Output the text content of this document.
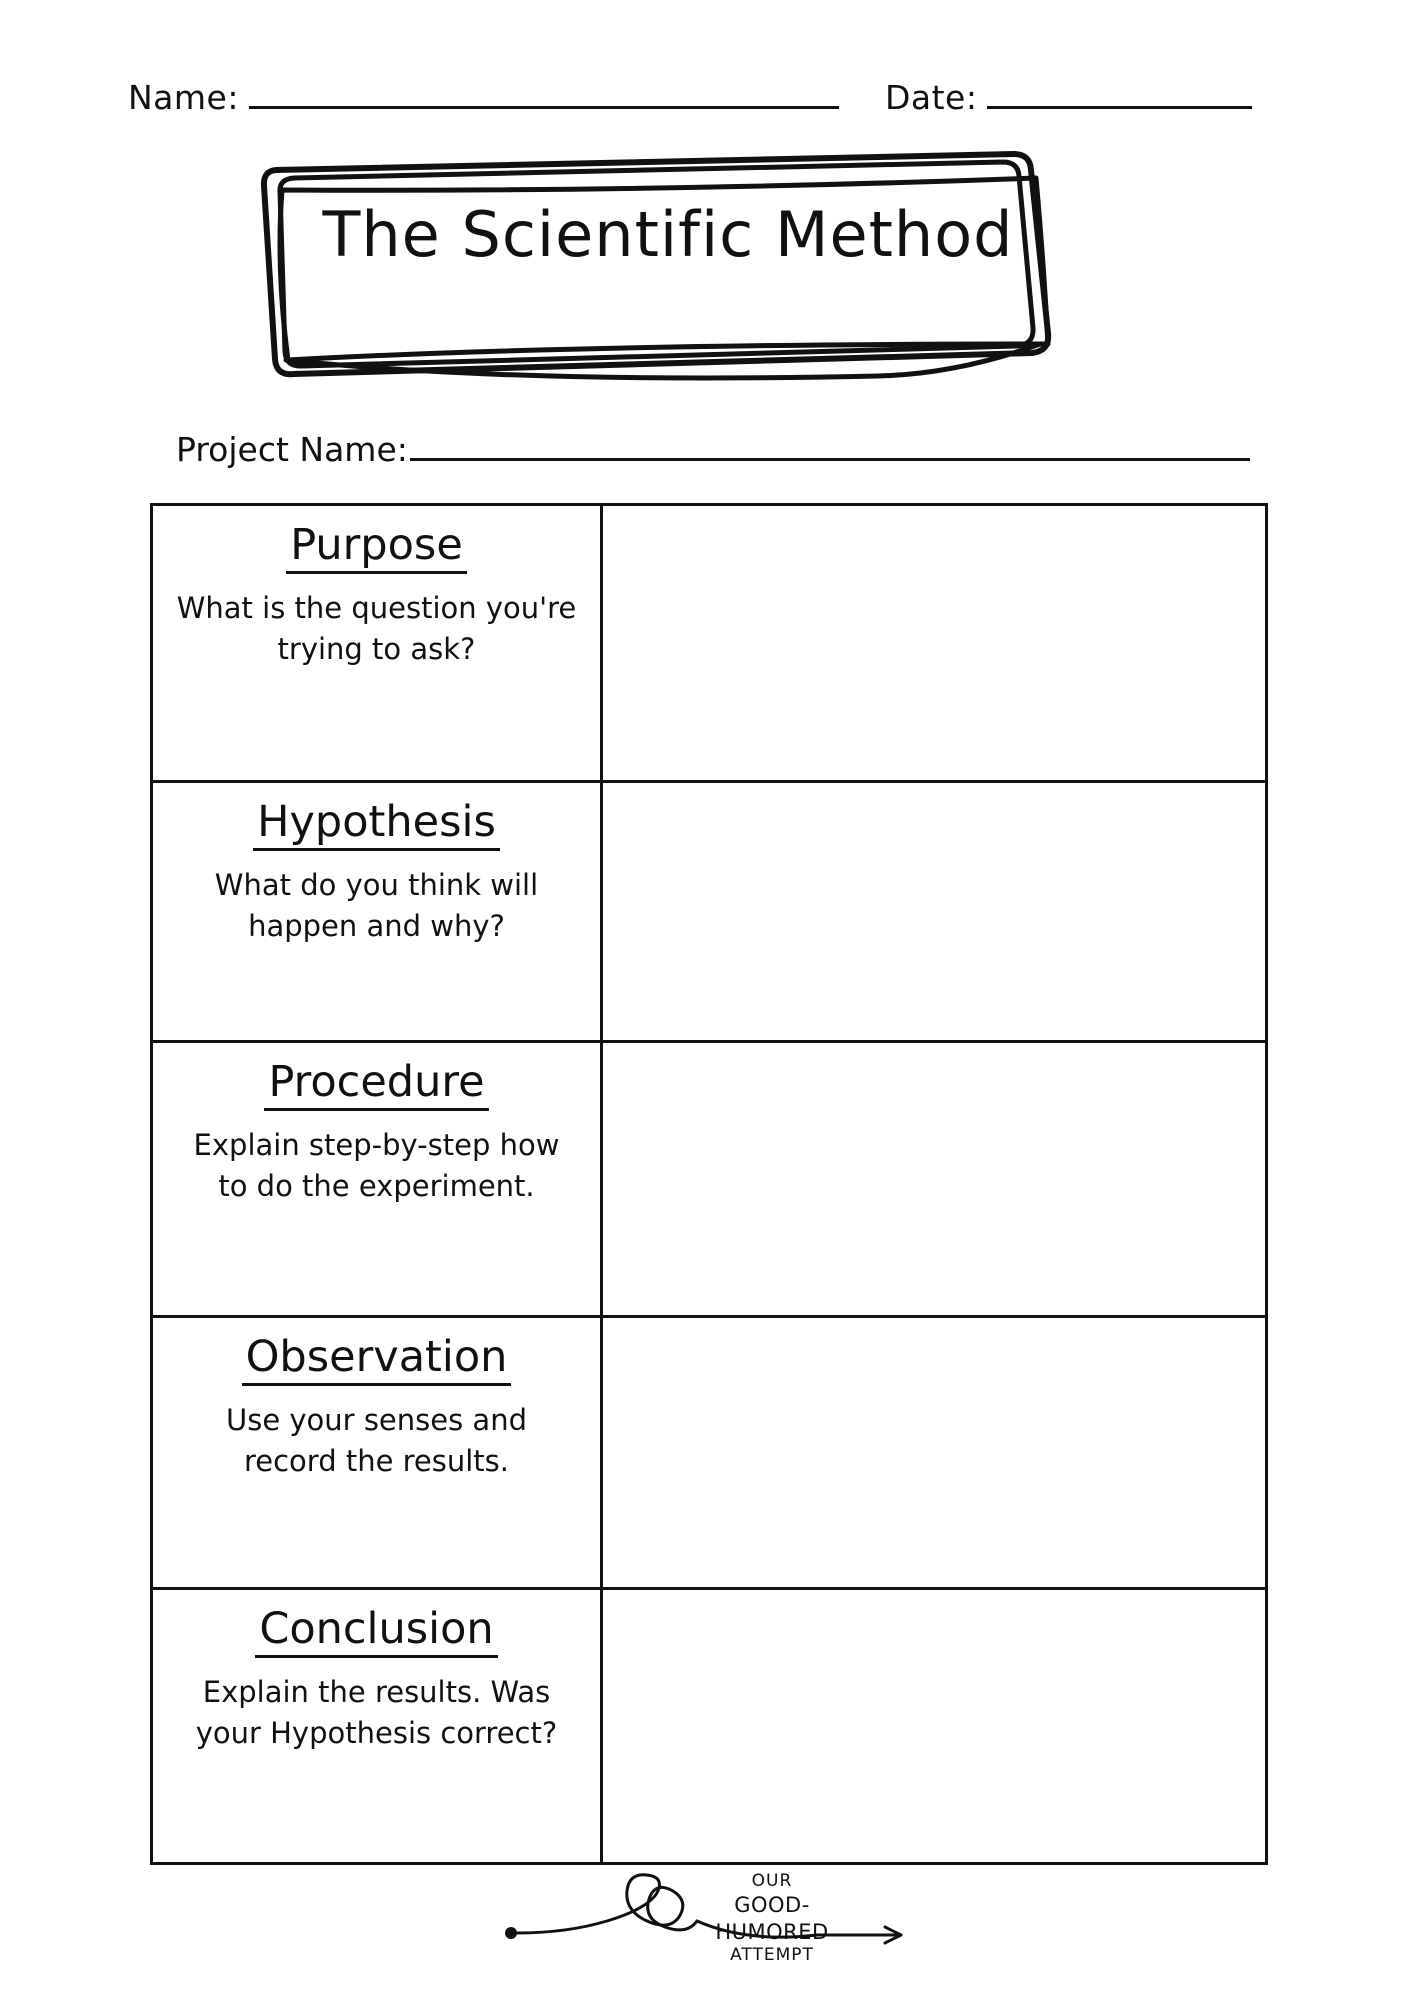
Name:	Date:
The Scientific Method
Project Name:
Purpose
What is the question you're trying to ask?
Hypothesis
What do you think will happen and why?
Procedure
Explain step-by-step how to do the experiment.
Observation
Use your senses and record the results.
Conclusion
Explain the results. Was your Hypothesis correct?
OUR
GOOD-HUMORED
ATTEMPT
